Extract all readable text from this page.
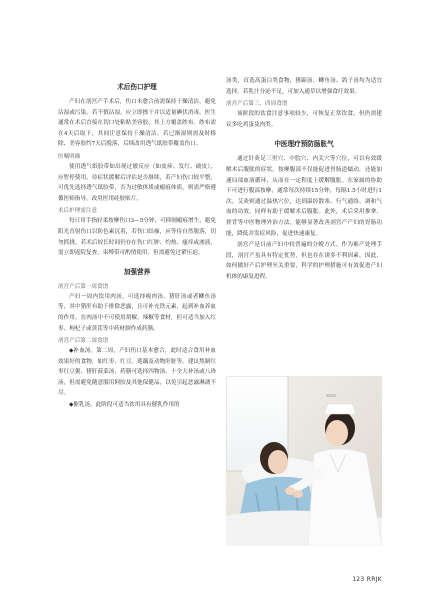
术后伤口护理

产妇在剖宫产手术后，伤口未愈合前需保持干燥清洁，避免沾湿或污染。若不慎沾湿，应立即擦干并以适量碘伏消毒。医生通常在术后直接在切口处粘贴美容胶，其上方覆盖纱布。纱布需在4天后取下，其间注意保持干燥清洁。若已渐湿则需及时移除，美容胶约7天后脱落，后续改用透气纸胶带覆盖伤口。

医嘱明确

使用透气纸胶带如出现过敏反应（如皮疹、发红、破皮），应暂停使用，待症状缓解后评估是否继续，若产妇伤口较平整，可优先选择透气纸胶带，否为过敏体质或瘢痕体质，则需严格遵循医师指导，改用医用硅胶贴片。

术后护理需注意

每日用手指轻柔按摩伤口3—5分钟，可抑制瘢痕增生，避免阳光直射伤口以防色素沉着，若伤口结痂，应等待自然脱落，切勿抓挠。若术后较长时间仍存在伤口红肿、灼热、瘙痒或渗液，需立即返院复查。束缚带可酌情使用，但需避免过紧压迫。

加强营养
剖宫产后第一周食谱

产妇一周内饮用肉汤，可选择瘦肉汤、猪肝汤或者鲫鱼汤等，其中猪肝有助于排除恶露，且可补充铁元素，起到补血养血的作用。在肉汤中不可使用胡椒、辣椒等食材，但可适当加入红枣、枸杞子或黄芪等中药材制作成药膳。

剖宫产后第二周食谱

◆补血汤。第二周，产妇伤口基本愈合，此时适合食用补血效果好的食物，如红枣、红豆、莲藕及动物肝脏等。建议熬制红枣红豆粥、猪肝菠菜汤，药膳可选择四物汤、十全大补汤或八珍汤，但需避免随意服用阿胶及其他保健品，以免引起恶露淋漓不尽。

◆催乳汤。此阶段可适当饮用具有催乳作用的

汤类，首选高蛋白类食物，猪蹄汤、鲫鱼汤、鸽子汤均为适宜选择。若乳汁分泌不足，可加入通草以增强食疗效果。

剖宫产后第三、四周食谱

该阶段的饮食注意事项较少，可恢复正常饮食，但仍需建议多吃鸡蛋及肉类。

中医理疗预防肠胀气

通过针灸足三里穴、中脘穴、内关穴等穴位，可以有效缓解术后腹胀的症状。按摩腹部不仅能促进胃肠道蠕动，还能加速局部血液循环，从而在一定程度上缓解腹胀。在家属的协助下可进行腹部按摩，通常每次持续15分钟，每隔1.5小时进行1次。艾灸则通过温热穴位，达到温经散寒、行气通络、调和气血的功效，同样有助于缓解术后腹胀。此外，术后采用推拿、搓背等中医物理外治方法，能够显著改善剖宫产产妇的胃肠功能，降低并发症风险，促进快速康复。

剖宫产是目前产妇中较普遍的分娩方式。作为难产处理手段，剖宫产虽具有特定优势，但也存在诸多不利因素。因此，如何做好产后护理至关重要，科学的护理措施可有效促进产妇机体的康复进程。

123 RRJK
